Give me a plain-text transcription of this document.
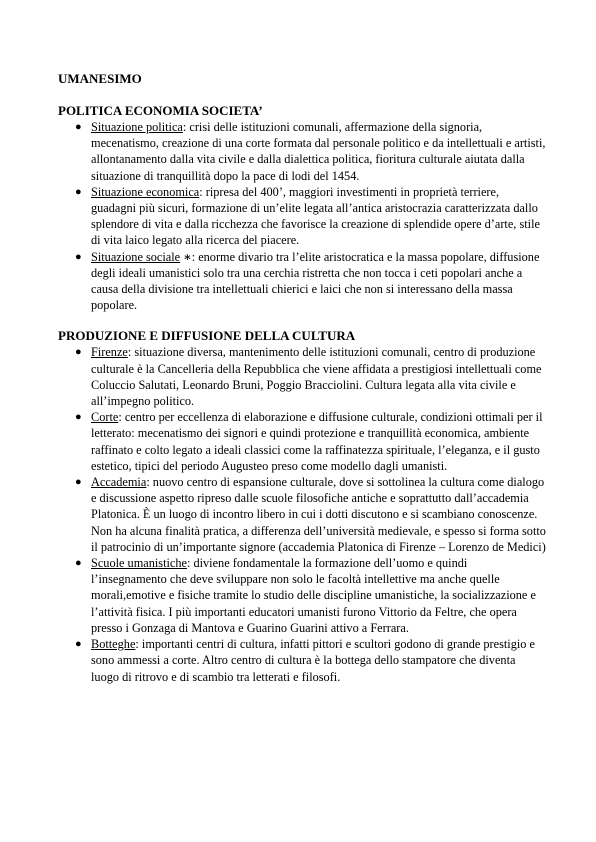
UMANESIMO
POLITICA ECONOMIA SOCIETA’
● Situazione politica: crisi delle istituzioni comunali, affermazione della signoria, mecenatismo, creazione di una corte formata dal personale politico e da intellettuali e artisti, allontanamento dalla vita civile e dalla dialettica politica, fioritura culturale aiutata dalla situazione di tranquillità dopo la pace di lodi del 1454.
● Situazione economica: ripresa del 400’, maggiori investimenti in proprietà terriere, guadagni più sicuri, formazione di un’elite legata all’antica aristocrazia caratterizzata dallo splendore di vita e dalla ricchezza che favorisce la creazione di splendide opere d’arte, stile di vita laico legato alla ricerca del piacere.
● Situazione sociale ∗: enorme divario tra l’elite aristocratica e la massa popolare, diffusione degli ideali umanistici solo tra una cerchia ristretta che non tocca i ceti popolari anche a causa della divisione tra intellettuali chierici e laici che non si interessano della massa popolare.
PRODUZIONE E DIFFUSIONE DELLA CULTURA
● Firenze: situazione diversa, mantenimento delle istituzioni comunali, centro di produzione culturale è la Cancelleria della Repubblica che viene affidata a prestigiosi intellettuali come Coluccio Salutati, Leonardo Bruni, Poggio Bracciolini. Cultura legata alla vita civile e all’impegno politico.
● Corte: centro per eccellenza di elaborazione e diffusione culturale, condizioni ottimali per il letterato: mecenatismo dei signori e quindi protezione e tranquillità economica, ambiente raffinato e colto legato a ideali classici come la raffinatezza spirituale, l’eleganza, e il gusto estetico, tipici del periodo Augusteo preso come modello dagli umanisti.
● Accademia: nuovo centro di espansione culturale, dove si sottolinea la cultura come dialogo e discussione aspetto ripreso dalle scuole filosofiche antiche e soprattutto dall’accademia Platonica. È un luogo di incontro libero in cui i dotti discutono e si scambiano conoscenze. Non ha alcuna finalità pratica, a differenza dell’università medievale, e spesso si forma sotto il patrocinio di un’importante signore (accademia Platonica di Firenze – Lorenzo de Medici)
● Scuole umanistiche: diviene fondamentale la formazione dell’uomo e quindi l’insegnamento che deve sviluppare non solo le facoltà intellettive ma anche quelle morali,emotive e fisiche tramite lo studio delle discipline umanistiche, la socializzazione e l’attività fisica. I più importanti educatori umanisti furono Vittorio da Feltre, che opera presso i Gonzaga di Mantova e Guarino Guarini attivo a Ferrara.
● Botteghe: importanti centri di cultura, infatti pittori e scultori godono di grande prestigio e sono ammessi a corte. Altro centro di cultura è la bottega dello stampatore che diventa luogo di ritrovo e di scambio tra letterati e filosofi.
